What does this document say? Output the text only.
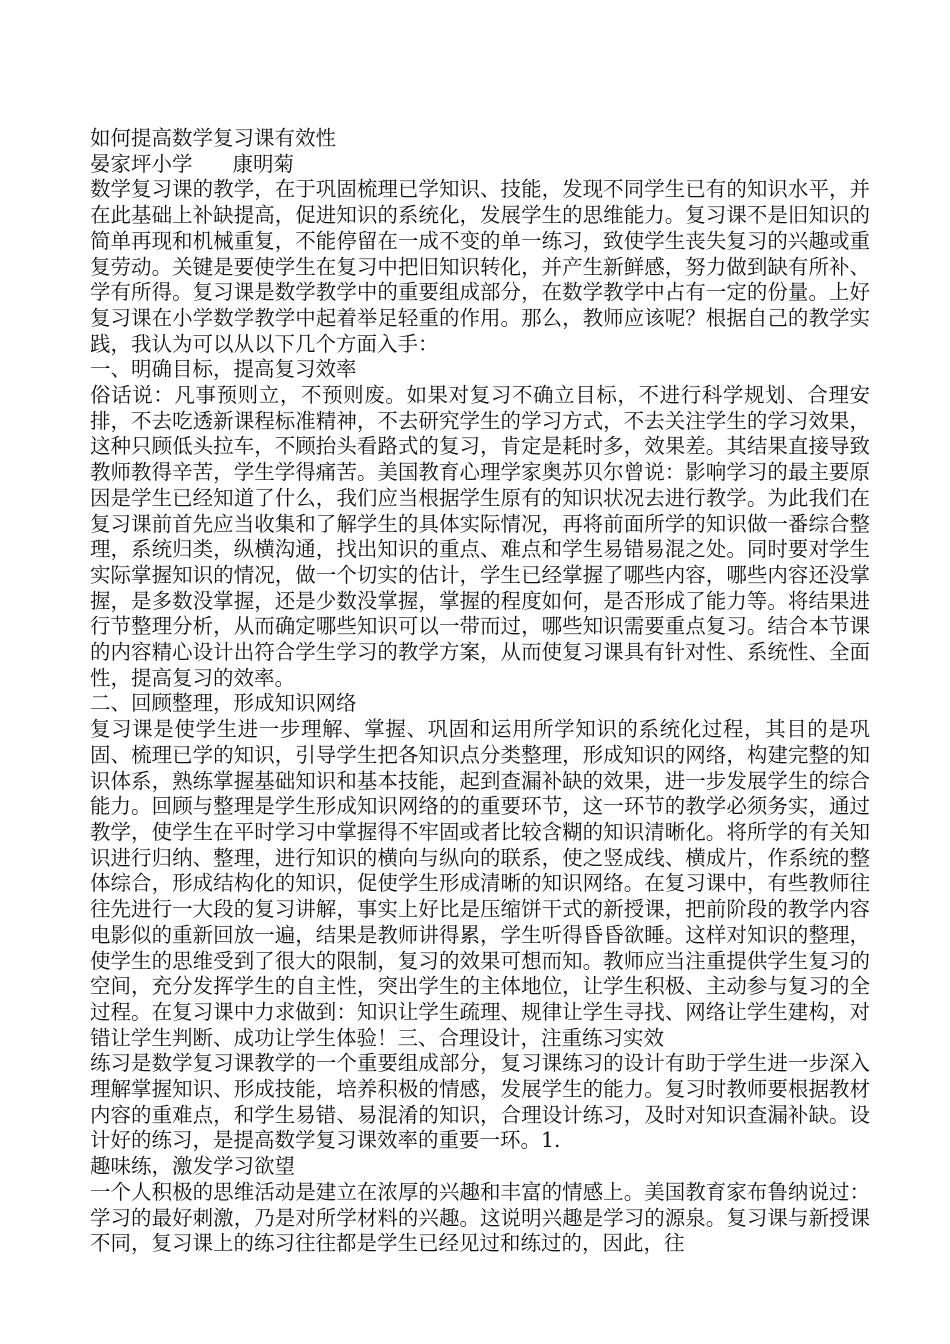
如何提高数学复习课有效性

晏家坪小学 康明菊

数学复习课的教学，在于巩固梳理已学知识、技能，发现不同学生已有的知识水平，并在此基础上补缺提高，促进知识的系统化，发展学生的思维能力。复习课不是旧知识的简单再现和机械重复，不能停留在一成不变的单一练习，致使学生丧失复习的兴趣或重复劳动。关键是要使学生在复习中把旧知识转化，并产生新鲜感，努力做到缺有所补、学有所得。复习课是数学教学中的重要组成部分，在数学教学中占有一定的份量。上好复习课在小学数学教学中起着举足轻重的作用。那么，教师应该呢？根据自己的教学实践，我认为可以从以下几个方面入手：

一、明确目标，提高复习效率

俗话说：凡事预则立，不预则废。如果对复习不确立目标，不进行科学规划、合理安排，不去吃透新课程标准精神，不去研究学生的学习方式，不去关注学生的学习效果，这种只顾低头拉车，不顾抬头看路式的复习，肯定是耗时多，效果差。其结果直接导致教师教得辛苦，学生学得痛苦。美国教育心理学家奥苏贝尔曾说：影响学习的最主要原因是学生已经知道了什么，我们应当根据学生原有的知识状况去进行教学。为此我们在复习课前首先应当收集和了解学生的具体实际情况，再将前面所学的知识做一番综合整理，系统归类，纵横沟通，找出知识的重点、难点和学生易错易混之处。同时要对学生实际掌握知识的情况，做一个切实的估计，学生已经掌握了哪些内容，哪些内容还没掌握，是多数没掌握，还是少数没掌握，掌握的程度如何，是否形成了能力等。将结果进行节整理分析，从而确定哪些知识可以一带而过，哪些知识需要重点复习。结合本节课的内容精心设计出符合学生学习的教学方案，从而使复习课具有针对性、系统性、全面性，提高复习的效率。

二、回顾整理，形成知识网络

复习课是使学生进一步理解、掌握、巩固和运用所学知识的系统化过程，其目的是巩固、梳理已学的知识，引导学生把各知识点分类整理，形成知识的网络，构建完整的知识体系，熟练掌握基础知识和基本技能，起到查漏补缺的效果，进一步发展学生的综合能力。回顾与整理是学生形成知识网络的的重要环节，这一环节的教学必须务实，通过教学，使学生在平时学习中掌握得不牢固或者比较含糊的知识清晰化。将所学的有关知识进行归纳、整理，进行知识的横向与纵向的联系，使之竖成线、横成片，作系统的整体综合，形成结构化的知识，促使学生形成清晰的知识网络。在复习课中，有些教师往往先进行一大段的复习讲解，事实上好比是压缩饼干式的新授课，把前阶段的教学内容电影似的重新回放一遍，结果是教师讲得累，学生听得昏昏欲睡。这样对知识的整理，使学生的思维受到了很大的限制，复习的效果可想而知。教师应当注重提供学生复习的空间，充分发挥学生的自主性，突出学生的主体地位，让学生积极、主动参与复习的全过程。在复习课中力求做到：知识让学生疏理、规律让学生寻找、网络让学生建构，对错让学生判断、成功让学生体验！三、合理设计，注重练习实效

练习是数学复习课教学的一个重要组成部分，复习课练习的设计有助于学生进一步深入理解掌握知识、形成技能，培养积极的情感，发展学生的能力。复习时教师要根据教材内容的重难点，和学生易错、易混淆的知识，合理设计练习，及时对知识查漏补缺。设计好的练习，是提高数学复习课效率的重要一环。1.

趣味练，激发学习欲望

一个人积极的思维活动是建立在浓厚的兴趣和丰富的情感上。美国教育家布鲁纳说过：学习的最好刺激，乃是对所学材料的兴趣。这说明兴趣是学习的源泉。复习课与新授课不同，复习课上的练习往往都是学生已经见过和练过的，因此，往
